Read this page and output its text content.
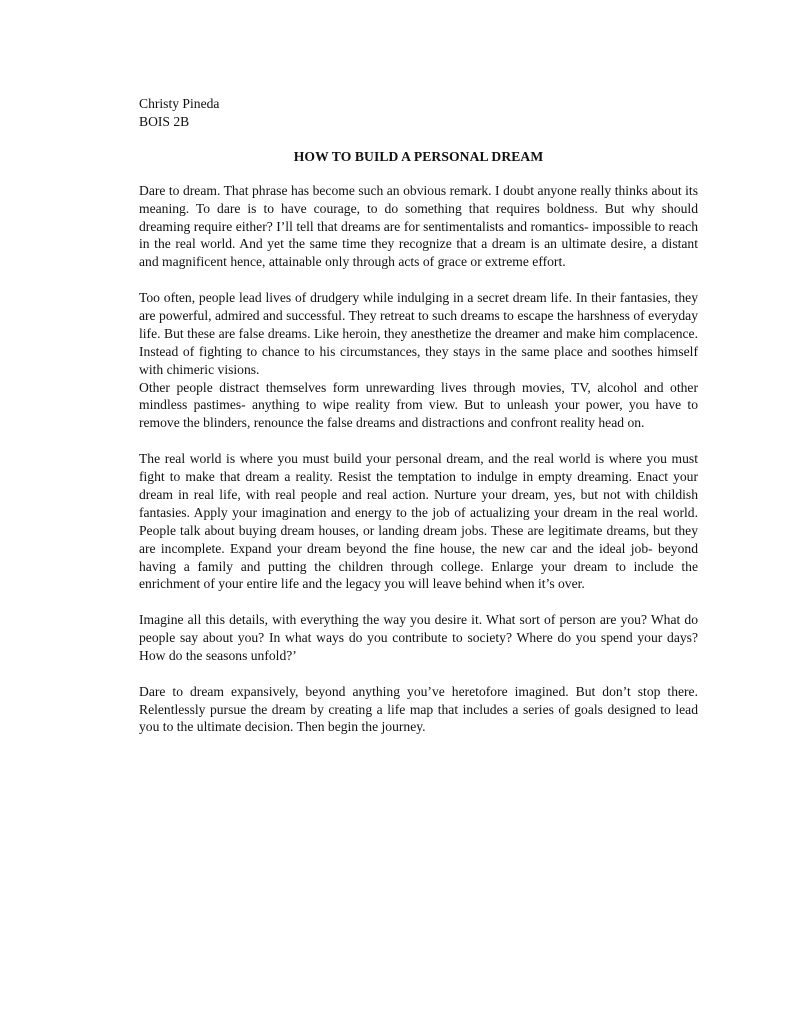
Christy Pineda
BOIS 2B
HOW TO BUILD A PERSONAL DREAM

Dare to dream. That phrase has become such an obvious remark. I doubt anyone really thinks about its meaning. To dare is to have courage, to do something that requires boldness. But why should dreaming require either? I’ll tell that dreams are for sentimentalists and romantics- impossible to reach in the real world. And yet the same time they recognize that a dream is an ultimate desire, a distant and magnificent hence, attainable only through acts of grace or extreme effort.

Too often, people lead lives of drudgery while indulging in a secret dream life. In their fantasies, they are powerful, admired and successful. They retreat to such dreams to escape the harshness of everyday life. But these are false dreams. Like heroin, they anesthetize the dreamer and make him complacence. Instead of fighting to chance to his circumstances, they stays in the same place and soothes himself with chimeric visions.

Other people distract themselves form unrewarding lives through movies, TV, alcohol and other mindless pastimes- anything to wipe reality from view. But to unleash your power, you have to remove the blinders, renounce the false dreams and distractions and confront reality head on.

The real world is where you must build your personal dream, and the real world is where you must fight to make that dream a reality. Resist the temptation to indulge in empty dreaming. Enact your dream in real life, with real people and real action. Nurture your dream, yes, but not with childish fantasies. Apply your imagination and energy to the job of actualizing your dream in the real world. People talk about buying dream houses, or landing dream jobs. These are legitimate dreams, but they are incomplete. Expand your dream beyond the fine house, the new car and the ideal job- beyond having a family and putting the children through college. Enlarge your dream to include the enrichment of your entire life and the legacy you will leave behind when it’s over.

Imagine all this details, with everything the way you desire it. What sort of person are you? What do people say about you? In what ways do you contribute to society? Where do you spend your days? How do the seasons unfold?’

Dare to dream expansively, beyond anything you’ve heretofore imagined. But don’t stop there. Relentlessly pursue the dream by creating a life map that includes a series of goals designed to lead you to the ultimate decision. Then begin the journey.
